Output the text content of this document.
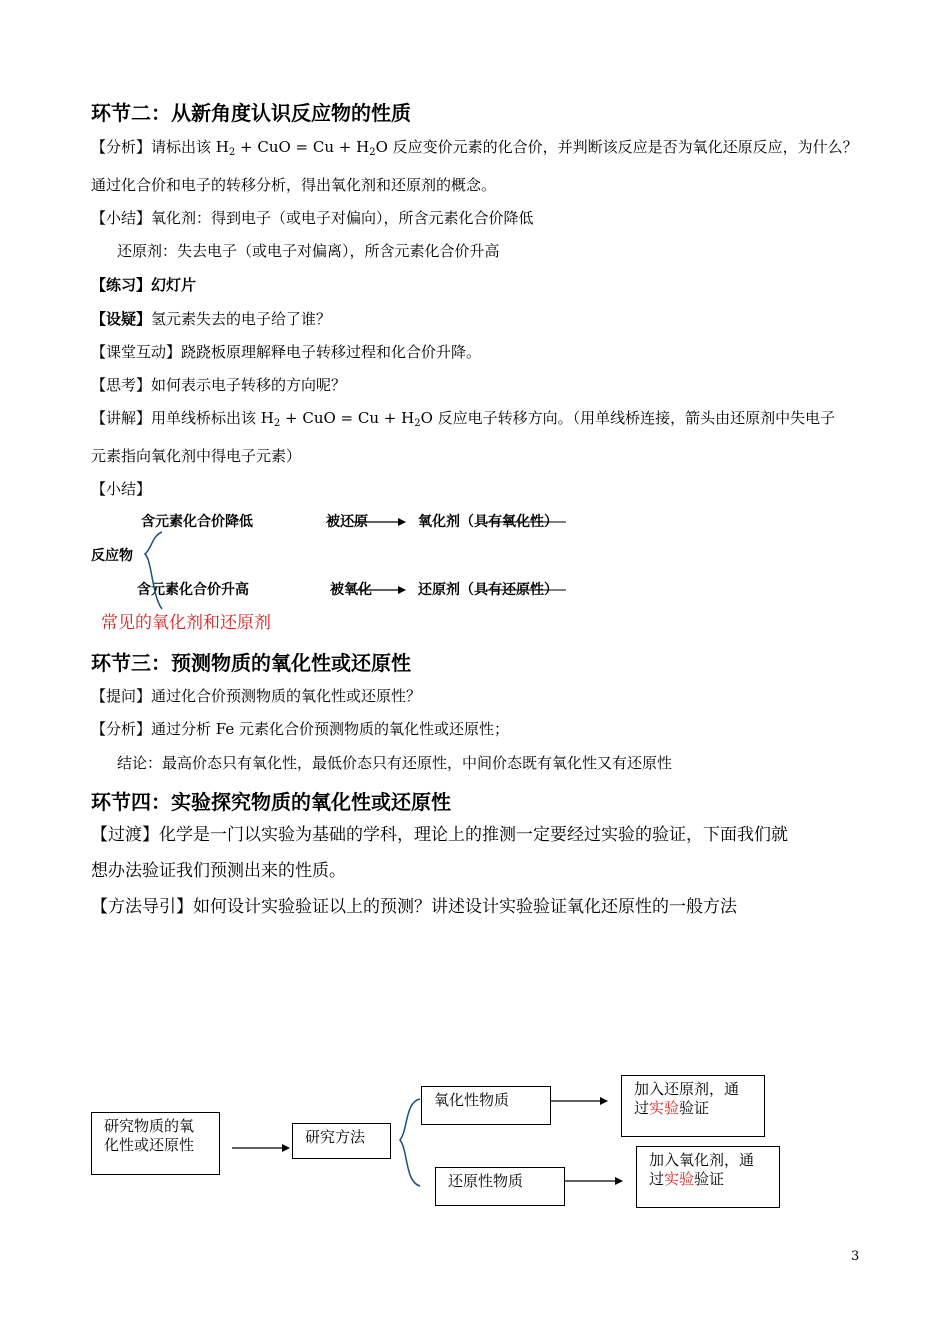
环节二：从新角度认识反应物的性质
【分析】请标出该 $H_2$ + CuO = $Cu + H_2O$ 反应变价元素的化合价，并判断该反应是否为氧化还原反应，为什么？
通过化合价和电子的转移分析，得出氧化剂和还原剂的概念。
【小结】氧化剂：得到电子（或电子对偏向），所含元素化合价降低
还原剂：失去电子（或电子对偏离），所含元素化合价升高
【练习】幻灯片
【设疑】氢元素失去的电子给了谁？
【课堂互动】跷跷板原理解释电子转移过程和化合价升降。
【思考】如何表示电子转移的方向呢？
【讲解】用单线桥标出该 $H_2$ + CuO = $Cu + H_2O$ 反应电子转移方向。（用单线桥连接，箭头由还原剂中失电子
元素指向氧化剂中得电子元素）
【小结】
含元素化合价降低	被还原	氧化剂（具有氧化性）
反应物
含元素化合价升高	被氧化	还原剂（具有还原性）
常见的氧化剂和还原剂
环节三：预测物质的氧化性或还原性
【提问】通过化合价预测物质的氧化性或还原性？
【分析】通过分析 Fe 元素化合价预测物质的氧化性或还原性；
结论：最高价态只有氧化性，最低价态只有还原性，中间价态既有氧化性又有还原性
环节四：实验探究物质的氧化性或还原性
【过渡】化学是一门以实验为基础的学科，理论上的推测一定要经过实验的验证，下面我们就
想办法验证我们预测出来的性质。
【方法导引】如何设计实验验证以上的预测？讲述设计实验验证氧化还原性的一般方法
研究物质的氧
化性或还原性	研究方法
氧化性物质
还原性物质
加入还原剂，通
过实验验证
加入氧化剂，通
过实验验证
3
